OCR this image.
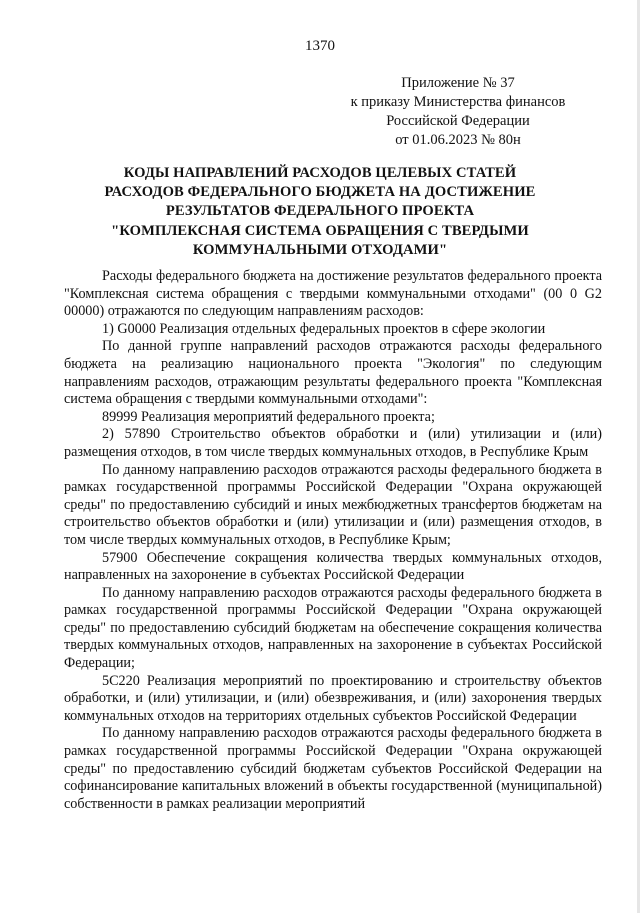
1370
Приложение № 37
к приказу Министерства финансов
Российской Федерации
от 01.06.2023 № 80н
КОДЫ НАПРАВЛЕНИЙ РАСХОДОВ ЦЕЛЕВЫХ СТАТЕЙ
РАСХОДОВ ФЕДЕРАЛЬНОГО БЮДЖЕТА НА ДОСТИЖЕНИЕ
РЕЗУЛЬТАТОВ ФЕДЕРАЛЬНОГО ПРОЕКТА
"КОМПЛЕКСНАЯ СИСТЕМА ОБРАЩЕНИЯ С ТВЕРДЫМИ
КОММУНАЛЬНЫМИ ОТХОДАМИ"

Расходы федерального бюджета на достижение результатов федерального проекта "Комплексная система обращения с твердыми коммунальными отходами" (00 0 G2 00000) отражаются по следующим направлениям расходов:

1) G0000 Реализация отдельных федеральных проектов в сфере экологии

По данной группе направлений расходов отражаются расходы федерального бюджета на реализацию национального проекта "Экология" по следующим направлениям расходов, отражающим результаты федерального проекта "Комплексная система обращения с твердыми коммунальными отходами":

89999 Реализация мероприятий федерального проекта;

2) 57890 Строительство объектов обработки и (или) утилизации и (или) размещения отходов, в том числе твердых коммунальных отходов, в Республике Крым

По данному направлению расходов отражаются расходы федерального бюджета в рамках государственной программы Российской Федерации "Охрана окружающей среды" по предоставлению субсидий и иных межбюджетных трансфертов бюджетам на строительство объектов обработки и (или) утилизации и (или) размещения отходов, в том числе твердых коммунальных отходов, в Республике Крым;

57900 Обеспечение сокращения количества твердых коммунальных отходов, направленных на захоронение в субъектах Российской Федерации

По данному направлению расходов отражаются расходы федерального бюджета в рамках государственной программы Российской Федерации "Охрана окружающей среды" по предоставлению субсидий бюджетам на обеспечение сокращения количества твердых коммунальных отходов, направленных на захоронение в субъектах Российской Федерации;

5С220 Реализация мероприятий по проектированию и строительству объектов обработки, и (или) утилизации, и (или) обезвреживания, и (или) захоронения твердых коммунальных отходов на территориях отдельных субъектов Российской Федерации

По данному направлению расходов отражаются расходы федерального бюджета в рамках государственной программы Российской Федерации "Охрана окружающей среды" по предоставлению субсидий бюджетам субъектов Российской Федерации на софинансирование капитальных вложений в объекты государственной (муниципальной) собственности в рамках реализации мероприятий
